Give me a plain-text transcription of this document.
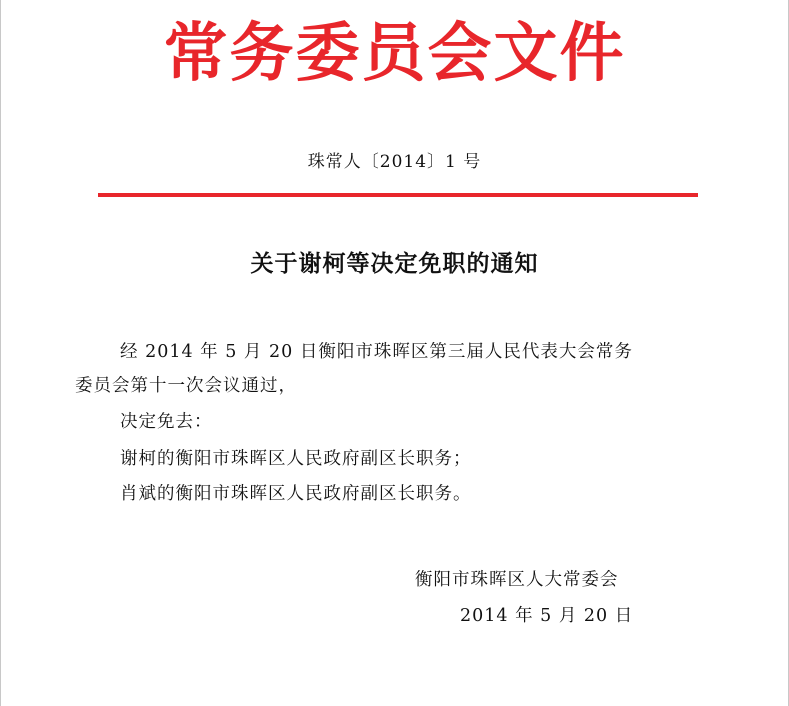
常务委员会文件
珠常人〔2014〕1 号
关于谢柯等决定免职的通知
经 2014 年 5 月 20 日衡阳市珠晖区第三届人民代表大会常务
委员会第十一次会议通过，
决定免去：
谢柯的衡阳市珠晖区人民政府副区长职务；
肖斌的衡阳市珠晖区人民政府副区长职务。
衡阳市珠晖区人大常委会
2014 年 5 月 20 日
